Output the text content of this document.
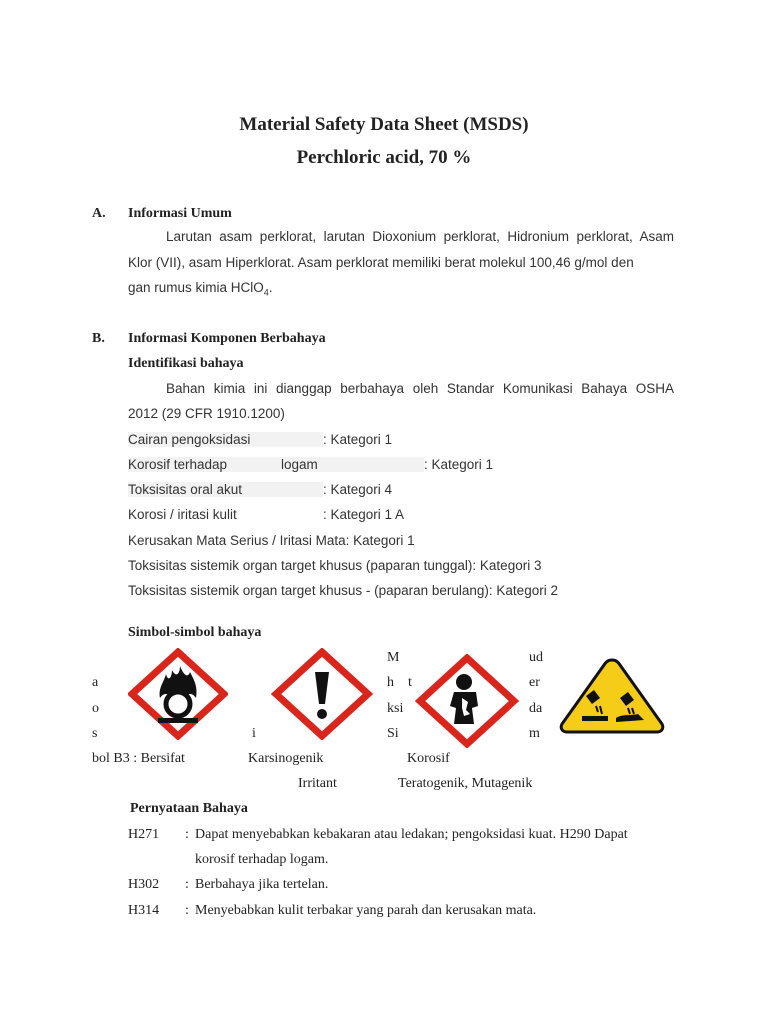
Material Safety Data Sheet (MSDS)
Perchloric acid, 70 %
A. Informasi Umum
Larutan asam perklorat, larutan Dioxonium perklorat, Hidronium perklorat, Asam
Klor (VII), asam Hiperklorat. Asam perklorat memiliki berat molekul 100,46 g/mol den
gan rumus kimia HClO$_4$.
B. Informasi Komponen Berbahaya
Identifikasi bahaya
Bahan kimia ini dianggap berbahaya oleh Standar Komunikasi Bahaya OSHA
2012 (29 CFR 1910.1200)
Cairan pengoksidasi	: Kategori 1
Korosif terhadap	logam	: Kategori 1
Toksisitas oral akut	: Kategori 4
Korosi / iritasi kulit	: Kategori 1 A
Kerusakan Mata Serius / Iritasi Mata: Kategori 1
Toksisitas sistemik organ target khusus (paparan tunggal): Kategori 3
Toksisitas sistemik organ target khusus - (paparan berulang): Kategori 2
Simbol-simbol bahaya
a
o
s
bol B3 : Bersifat
i
M
h    t
ksi
Si
ud
er
da
m
Karsinogenik	Korosif
Irritant	Teratogenik, Mutagenik
Pernyataan Bahaya
H271 : Dapat menyebabkan kebakaran atau ledakan; pengoksidasi kuat. H290 Dapat
korosif terhadap logam.
H302 : Berbahaya jika tertelan.
H314 : Menyebabkan kulit terbakar yang parah dan kerusakan mata.
